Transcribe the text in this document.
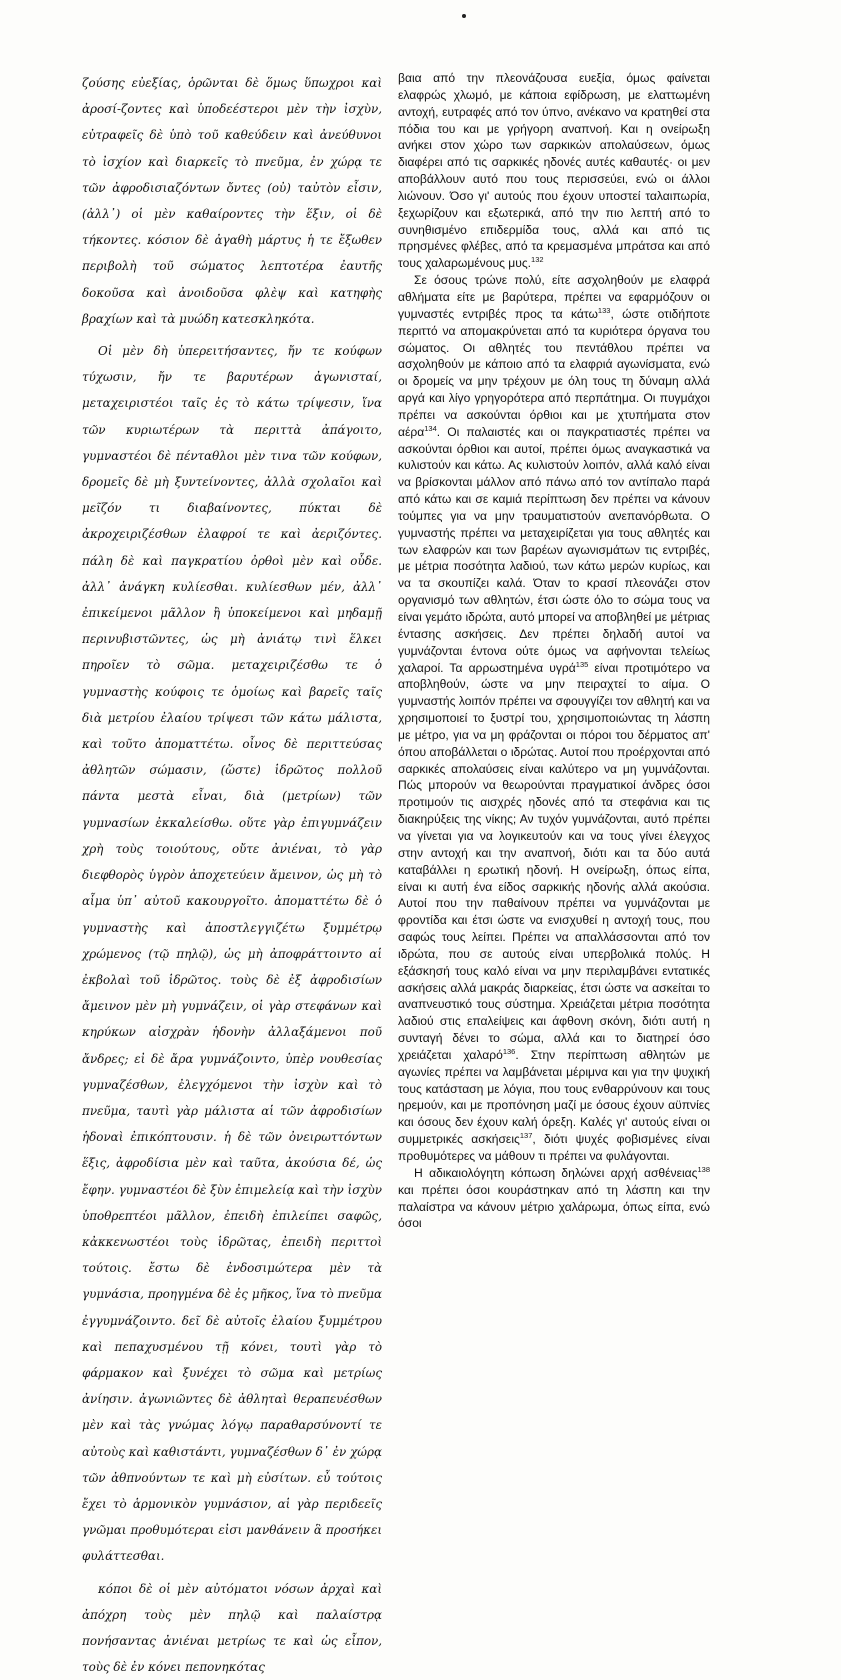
ζούσης εὐεξίας, ὁρῶνται δὲ ὅμως ὕπωχροι καὶ ἀροσί-ζοντες καὶ ὑποδεέστεροι μὲν τὴν ἰσχὺν, εὐτραφεῖς δὲ ὑπὸ τοῦ καθεύδειν καὶ ἀνεύθυνοι τὸ ἰσχίον καὶ διαρκεῖς τὸ πνεῦμα, ἐν χώρᾳ τε τῶν ἀφροδισιαζόντων ὄντες (οὐ) ταὐτὸν εἶσιν, (ἀλλ᾿) οἱ μὲν καθαίροντες τὴν ἕξιν, οἱ δὲ τήκοντες. κόσιον δὲ ἀγαθὴ μάρτυς ἡ τε ἔξωθεν περιβολὴ τοῦ σώματος λεπτοτέρα ἐαυτῆς δοκοῦσα καὶ ἀνοιδοῦσα φλὲψ καὶ κατηφὴς βραχίων καὶ τὰ μυώδη κατεσκληκότα.

Οἱ μὲν δὴ ὑπερειτήσαντες, ἤν τε κούφων τύχωσιν, ἤν τε βαρυτέρων ἀγωνισταί, μεταχειριστέοι ταῖς ἐς τὸ κάτω τρίψεσιν, ἵνα τῶν κυριωτέρων τὰ περιττὰ ἀπάγοιτο, γυμναστέοι δὲ πένταθλοι μὲν τινα τῶν κούφων, δρομεῖς δὲ μὴ ξυντείνοντες, ἀλλὰ σχολαῖοι καὶ μεῖζόν τι διαβαίνοντες, πύκται δὲ ἀκροχειριζέσθων ἐλαφροί τε καὶ ἀεριζόντες. πάλη δὲ καὶ παγκρατίου ὀρθοὶ μὲν καὶ οὗδε. ἀλλ᾿ ἀνάγκη κυλίεσθαι. κυλίεσθων μέν, ἀλλ᾿ ἐπικείμενοι μᾶλλον ἢ ὑποκείμενοι καὶ μηδαμῇ περινυβιστῶντες, ὡς μὴ ἀνιάτῳ τινὶ ἕλκει πηροῖεν τὸ σῶμα. μεταχειριζέσθω τε ὁ γυμναστὴς κούφοις τε ὁμοίως καὶ βαρεῖς ταῖς διὰ μετρίου ἐλαίου τρίψεσι τῶν κάτω μάλιστα, καὶ τοῦτο ἀποματτέτω. οἶνος δὲ περιττεύσας ἀθλητῶν σώμασιν, (ὥστε) ἱδρῶτος πολλοῦ πάντα μεστὰ εἶναι, διὰ (μετρίων) τῶν γυμνασίων ἐκκαλείσθω. οὕτε γὰρ ἐπιγυμνάζειν χρὴ τοὺς τοιούτους, οὔτε ἀνιέναι, τὸ γὰρ διεφθορὸς ὑγρὸν ἀποχετεύειν ἄμεινον, ὡς μὴ τὸ αἷμα ὑπ᾿ αὐτοῦ κακουργοῖτο. ἀποματτέτω δὲ ὁ γυμναστὴς καὶ ἀποστλεγγιζέτω ξυμμέτρῳ χρώμενος (τῷ πηλῷ), ὡς μὴ ἀποφράττοιντο αἱ ἐκβολαὶ τοῦ ἱδρῶτος. τοὺς δὲ ἐξ ἀφροδισίων ἄμεινον μὲν μὴ γυμνάζειν, οἱ γὰρ στεφάνων καὶ κηρύκων αἰσχρὰν ἡδονὴν ἀλλαξάμενοι ποῦ ἄνδρες; εἰ δὲ ἄρα γυμνάζοιντο, ὑπὲρ νουθεσίας γυμναζέσθων, ἐλεγχόμενοι τὴν ἰσχὺν καὶ τὸ πνεῦμα, ταυτὶ γὰρ μάλιστα αἱ τῶν ἀφροδισίων ἡδοναὶ ἐπικόπτουσιν. ἡ δὲ τῶν ὀνειρωττόντων ἕξις, ἀφροδίσια μὲν καὶ ταῦτα, ἀκούσια δέ, ὡς ἔφην. γυμναστέοι δὲ ξὺν ἐπιμελείᾳ καὶ τὴν ἰσχὺν ὑποθρεπτέοι μᾶλλον, ἐπειδὴ ἐπιλείπει σαφῶς, κἀκκενωστέοι τοὺς ἱδρῶτας, ἐπειδὴ περιττοὶ τούτοις. ἔστω δὲ ἐνδοσιμώτερα μὲν τὰ γυμνάσια, προηγμένα δὲ ἐς μῆκος, ἵνα τὸ πνεῦμα ἐγγυμνάζοιντο. δεῖ δὲ αὐτοῖς ἐλαίου ξυμμέτρου καὶ πεπαχυσμένου τῇ κόνει, τουτὶ γὰρ τὸ φάρμακον καὶ ξυνέχει τὸ σῶμα καὶ μετρίως ἀνίησιν. ἀγωνιῶντες δὲ ἀθληταὶ θεραπευέσθων μὲν καὶ τὰς γνώμας λόγῳ παραθαρσύνοντί τε αὐτοὺς καὶ καθιστάντι, γυμναζέσθων δ᾿ ἐν χώρᾳ τῶν ἀθπνούντων τε καὶ μὴ εὐσίτων. εὖ τούτοις ἔχει τὸ ἁρμονικὸν γυμνάσιον, αἱ γὰρ περιδεεῖς γνῶμαι προθυμότεραι εἰσι μανθάνειν ἃ προσήκει φυλάττεσθαι.

κόποι δὲ οἱ μὲν αὐτόματοι νόσων ἀρχαὶ καὶ ἀπόχρη τοὺς μὲν πηλῷ καὶ παλαίστρᾳ πονήσαντας ἀνιέναι μετρίως τε καὶ ὡς εἶπον, τοὺς δὲ ἐν κόνει πεπονηκότας

βαια από την πλεονάζουσα ευεξία, όμως φαίνεται ελαφρώς χλωμό, με κάποια εφίδρωση, με ελαττωμένη αντοχή, ευτραφές από τον ύπνο, ανέκανο να κρατηθεί στα πόδια του και με γρήγορη αναπνοή. Και η ονείρωξη ανήκει στον χώρο των σαρκικών απολαύσεων, όμως διαφέρει από τις σαρκικές ηδονές αυτές καθαυτές· οι μεν αποβάλλουν αυτό που τους περισσεύει, ενώ οι άλλοι λιώνουν. Όσο γι' αυτούς που έχουν υποστεί ταλαιπωρία, ξεχωρίζουν και εξωτερικά, από την πιο λεπτή από το συνηθισμένο επιδερμίδα τους, αλλά και από τις πρησμένες φλέβες, από τα κρεμασμένα μπράτσα και από τους χαλαρωμένους μυς.$^{132}$

Σε όσους τρώνε πολύ, είτε ασχοληθούν με ελαφρά αθλήματα είτε με βαρύτερα, πρέπει να εφαρμόζουν οι γυμναστές εντριβές προς τα κάτω$^{133}$, ώστε οτιδήποτε περιττό να απομακρύνεται από τα κυριότερα όργανα του σώματος. Οι αθλητές του πεντάθλου πρέπει να ασχοληθούν με κάποιο από τα ελαφριά αγωνίσματα, ενώ οι δρομείς να μην τρέχουν με όλη τους τη δύναμη αλλά αργά και λίγο γρηγορότερα από περπάτημα. Οι πυγμάχοι πρέπει να ασκούνται όρθιοι και με χτυπήματα στον αέρα$^{134}$. Οι παλαιστές και οι παγκρατιαστές πρέπει να ασκούνται όρθιοι και αυτοί, πρέπει όμως αναγκαστικά να κυλιστούν και κάτω. Ας κυλιστούν λοιπόν, αλλά καλό είναι να βρίσκονται μάλλον από πάνω από τον αντίπαλο παρά από κάτω και σε καμιά περίπτωση δεν πρέπει να κάνουν τούμπες για να μην τραυματιστούν ανεπανόρθωτα. Ο γυμναστής πρέπει να μεταχειρίζεται για τους αθλητές και των ελαφρών και των βαρέων αγωνισμάτων τις εντριβές, με μέτρια ποσότητα λαδιού, των κάτω μερών κυρίως, και να τα σκουπίζει καλά. Όταν το κρασί πλεονάζει στον οργανισμό των αθλητών, έτσι ώστε όλο το σώμα τους να είναι γεμάτο ιδρώτα, αυτό μπορεί να αποβληθεί με μέτριας έντασης ασκήσεις. Δεν πρέπει δηλαδή αυτοί να γυμνάζονται έντονα ούτε όμως να αφήνονται τελείως χαλαροί. Τα αρρωστημένα υγρά$^{135}$ είναι προτιμότερο να αποβληθούν, ώστε να μην πειραχτεί το αίμα. Ο γυμναστής λοιπόν πρέπει να σφουγγίζει τον αθλητή και να χρησιμοποιεί το ξυστρί του, χρησιμοποιώντας τη λάσπη με μέτρο, για να μη φράζονται οι πόροι του δέρματος απ' όπου αποβάλλεται ο ιδρώτας. Αυτοί που προέρχονται από σαρκικές απολαύσεις είναι καλύτερο να μη γυμνάζονται. Πώς μπορούν να θεωρούνται πραγματικοί άνδρες όσοι προτιμούν τις αισχρές ηδονές από τα στεφάνια και τις διακηρύξεις της νίκης; Αν τυχόν γυμνάζονται, αυτό πρέπει να γίνεται για να λογικευτούν και να τους γίνει έλεγχος στην αντοχή και την αναπνοή, διότι και τα δύο αυτά καταβάλλει η ερωτική ηδονή. Η ονείρωξη, όπως είπα, είναι κι αυτή ένα είδος σαρκικής ηδονής αλλά ακούσια. Αυτοί που την παθαίνουν πρέπει να γυμνάζονται με φροντίδα και έτσι ώστε να ενισχυθεί η αντοχή τους, που σαφώς τους λείπει. Πρέπει να απαλλάσσονται από τον ιδρώτα, που σε αυτούς είναι υπερβολικά πολύς. Η εξάσκησή τους καλό είναι να μην περιλαμβάνει εντατικές ασκήσεις αλλά μακράς διαρκείας, έτσι ώστε να ασκείται το αναπνευστικό τους σύστημα. Χρειάζεται μέτρια ποσότητα λαδιού στις επαλείψεις και άφθονη σκόνη, διότι αυτή η συνταγή δένει το σώμα, αλλά και το διατηρεί όσο χρειάζεται χαλαρό$^{136}$. Στην περίπτωση αθλητών με αγωνίες πρέπει να λαμβάνεται μέριμνα και για την ψυχική τους κατάσταση με λόγια, που τους ενθαρρύνουν και τους ηρεμούν, και με προπόνηση μαζί με όσους έχουν αϋπνίες και όσους δεν έχουν καλή όρεξη. Καλές γι' αυτούς είναι οι συμμετρικές ασκήσεις$^{137}$, διότι ψυχές φοβισμένες είναι προθυμότερες να μάθουν τι πρέπει να φυλάγονται.

Η αδικαιολόγητη κόπωση δηλώνει αρχή ασθένειας$^{138}$ και πρέπει όσοι κουράστηκαν από τη λάσπη και την παλαίστρα να κάνουν μέτριο χαλάρωμα, όπως είπα, ενώ όσοι
